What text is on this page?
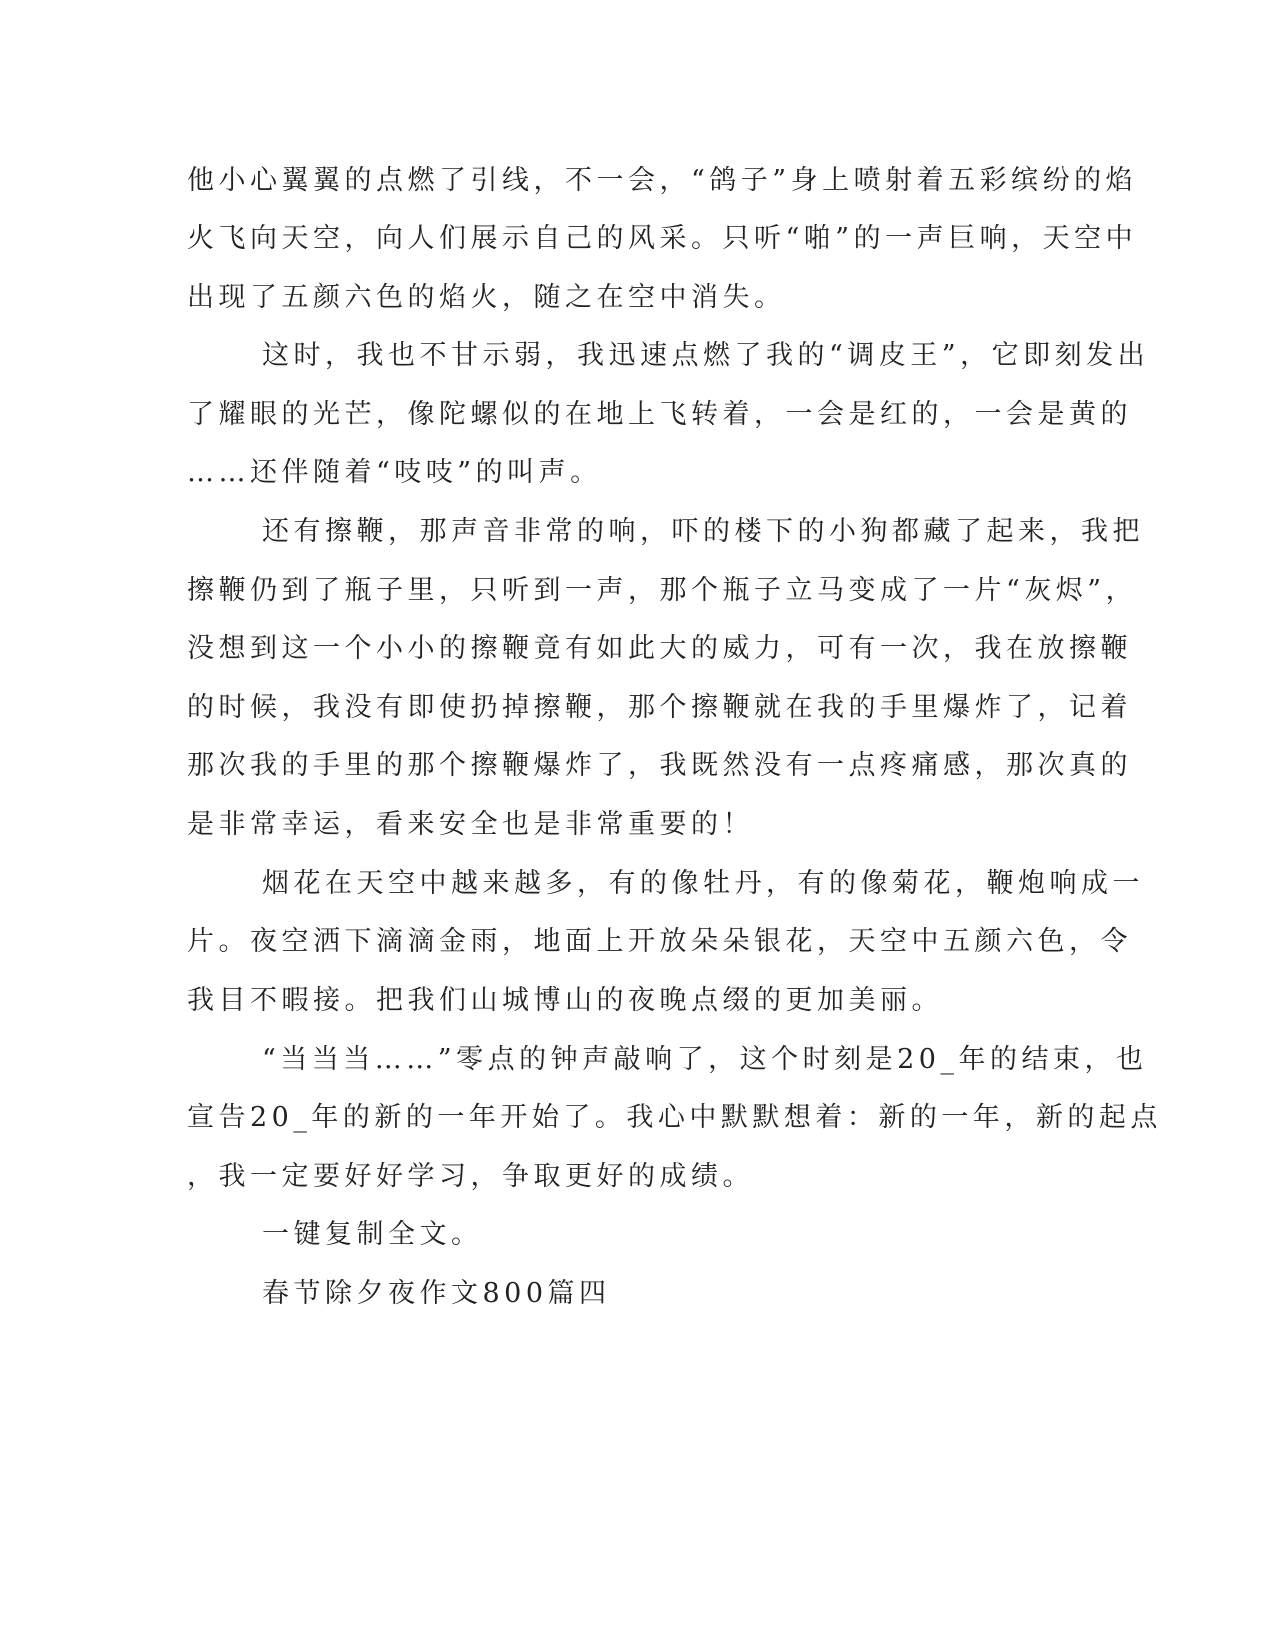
他小心翼翼的点燃了引线，不一会，“鸽子”身上喷射着五彩缤纷的焰
火飞向天空，向人们展示自己的风采。只听“啪”的一声巨响，天空中
出现了五颜六色的焰火，随之在空中消失。
这时，我也不甘示弱，我迅速点燃了我的“调皮王”，它即刻发出
了耀眼的光芒，像陀螺似的在地上飞转着，一会是红的，一会是黄的
……还伴随着“吱吱”的叫声。
还有擦鞭，那声音非常的响，吓的楼下的小狗都藏了起来，我把
擦鞭仍到了瓶子里，只听到一声，那个瓶子立马变成了一片“灰烬”，
没想到这一个小小的擦鞭竟有如此大的威力，可有一次，我在放擦鞭
的时候，我没有即使扔掉擦鞭，那个擦鞭就在我的手里爆炸了，记着
那次我的手里的那个擦鞭爆炸了，我既然没有一点疼痛感，那次真的
是非常幸运，看来安全也是非常重要的！
烟花在天空中越来越多，有的像牡丹，有的像菊花，鞭炮响成一
片。夜空洒下滴滴金雨，地面上开放朵朵银花，天空中五颜六色，令
我目不暇接。把我们山城博山的夜晚点缀的更加美丽。
“当当当……”零点的钟声敲响了，这个时刻是20_年的结束，也
宣告20_年的新的一年开始了。我心中默默想着：新的一年，新的起点
，我一定要好好学习，争取更好的成绩。
一键复制全文。
春节除夕夜作文800篇四
